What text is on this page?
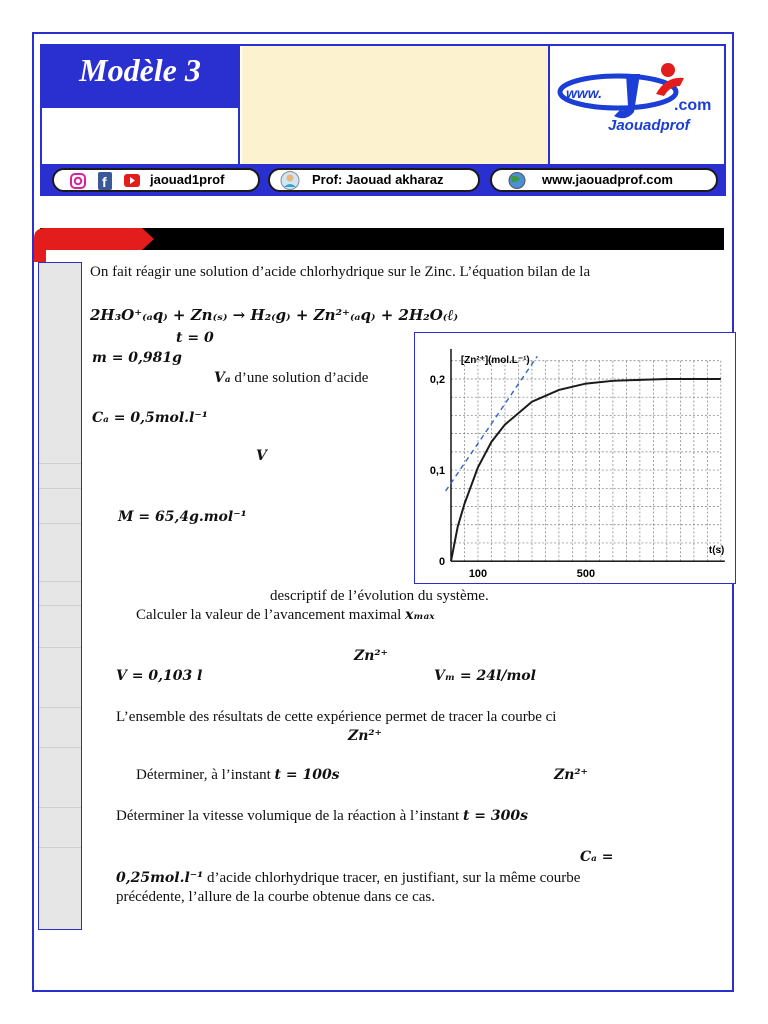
Modèle 3
www.
.com
Jaouadprof
f	jaouad1prof	Prof: Jaouad akharaz	www.jaouadprof.com
On fait réagir une solution d’acide chlorhydrique sur le Zinc. L’équation bilan de la
2H₃O⁺₍ₐq₎ + Zn₍ₛ₎ → H₂₍g₎ + Zn²⁺₍ₐq₎ + 2H₂O₍ℓ₎
t = 0
m = 0,981g
Vₐ d’une solution d’acide
Cₐ = 0,5mol.l⁻¹
V
M = 65,4g.mol⁻¹
[Zn²⁺](mol.L⁻¹)
t(s)
100	500
0,2
0,1
0
descriptif de l’évolution du système.
Calculer la valeur de l’avancement maximal xₘₐₓ
Zn²⁺
V = 0,103 l	Vₘ = 24l/mol
L’ensemble des résultats de cette expérience permet de tracer la courbe ci
Zn²⁺
Déterminer, à l’instant t = 100s	Zn²⁺
Déterminer la vitesse volumique de la réaction à l’instant t = 300s
Cₐ =
0,25mol.l⁻¹ d’acide chlorhydrique tracer, en justifiant, sur la même courbe
précédente, l’allure de la courbe obtenue dans ce cas.
